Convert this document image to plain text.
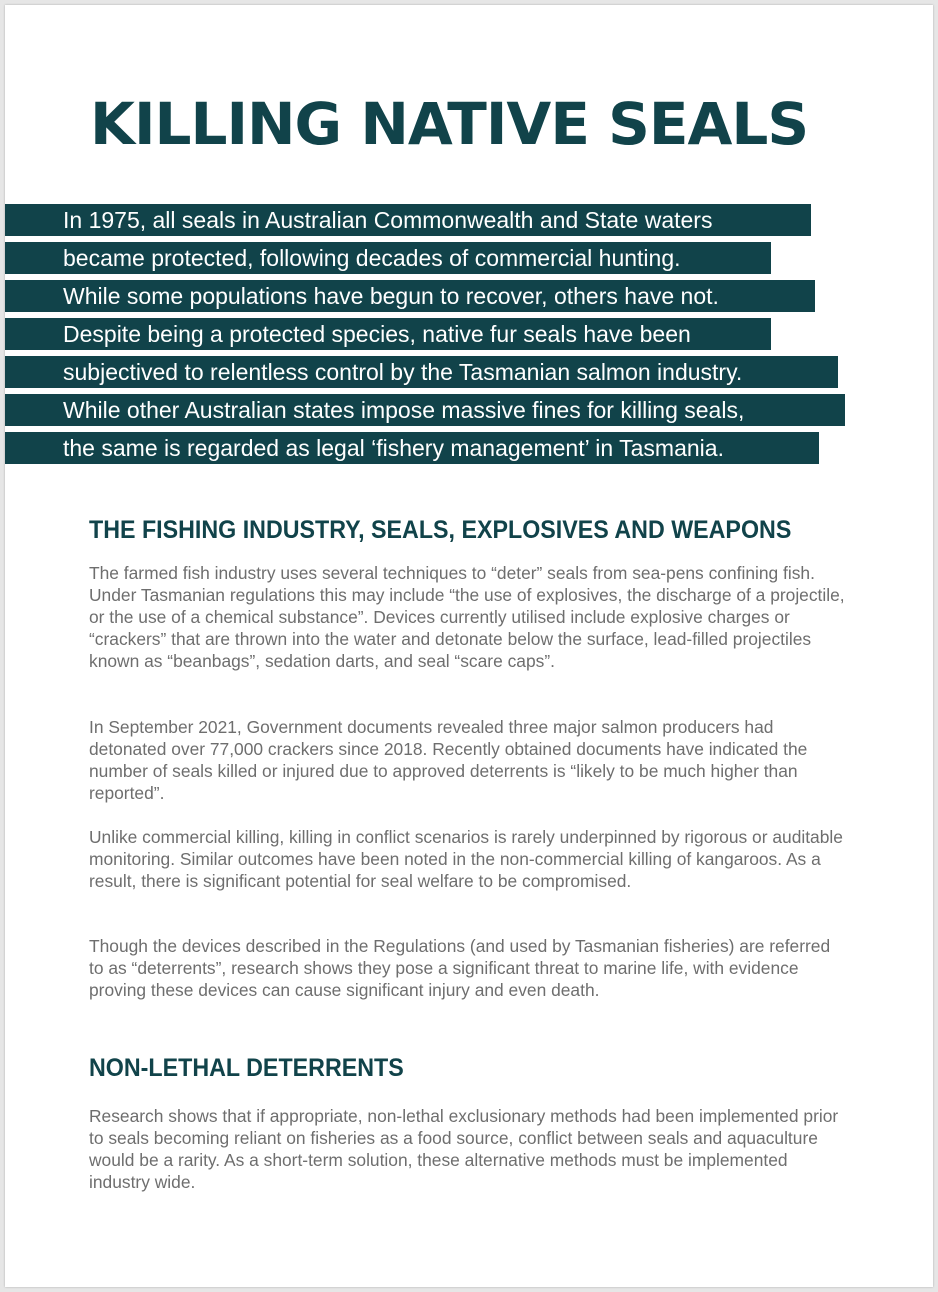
KILLING NATIVE SEALS
In 1975, all seals in Australian Commonwealth and State waters
became protected, following decades of commercial hunting.
While some populations have begun to recover, others have not.
Despite being a protected species, native fur seals have been
subjectived to relentless control by the Tasmanian salmon industry.
While other Australian states impose massive fines for killing seals,
the same is regarded as legal ‘fishery management’ in Tasmania.
THE FISHING INDUSTRY, SEALS, EXPLOSIVES AND WEAPONS

The farmed fish industry uses several techniques to “deter” seals from sea-pens confining fish. Under Tasmanian regulations this may include “the use of explosives, the discharge of a projectile, or the use of a chemical substance”. Devices currently utilised include explosive charges or “crackers” that are thrown into the water and detonate below the surface, lead-filled projectiles known as “beanbags”, sedation darts, and seal “scare caps”.

In September 2021, Government documents revealed three major salmon producers had detonated over 77,000 crackers since 2018. Recently obtained documents have indicated the number of seals killed or injured due to approved deterrents is “likely to be much higher than reported”.

Unlike commercial killing, killing in conflict scenarios is rarely underpinned by rigorous or auditable monitoring. Similar outcomes have been noted in the non-commercial killing of kangaroos. As a result, there is significant potential for seal welfare to be compromised.

Though the devices described in the Regulations (and used by Tasmanian fisheries) are referred to as “deterrents”, research shows they pose a significant threat to marine life, with evidence proving these devices can cause significant injury and even death.

NON-LETHAL DETERRENTS

Research shows that if appropriate, non-lethal exclusionary methods had been implemented prior to seals becoming reliant on fisheries as a food source, conflict between seals and aquaculture would be a rarity. As a short-term solution, these alternative methods must be implemented industry wide.
